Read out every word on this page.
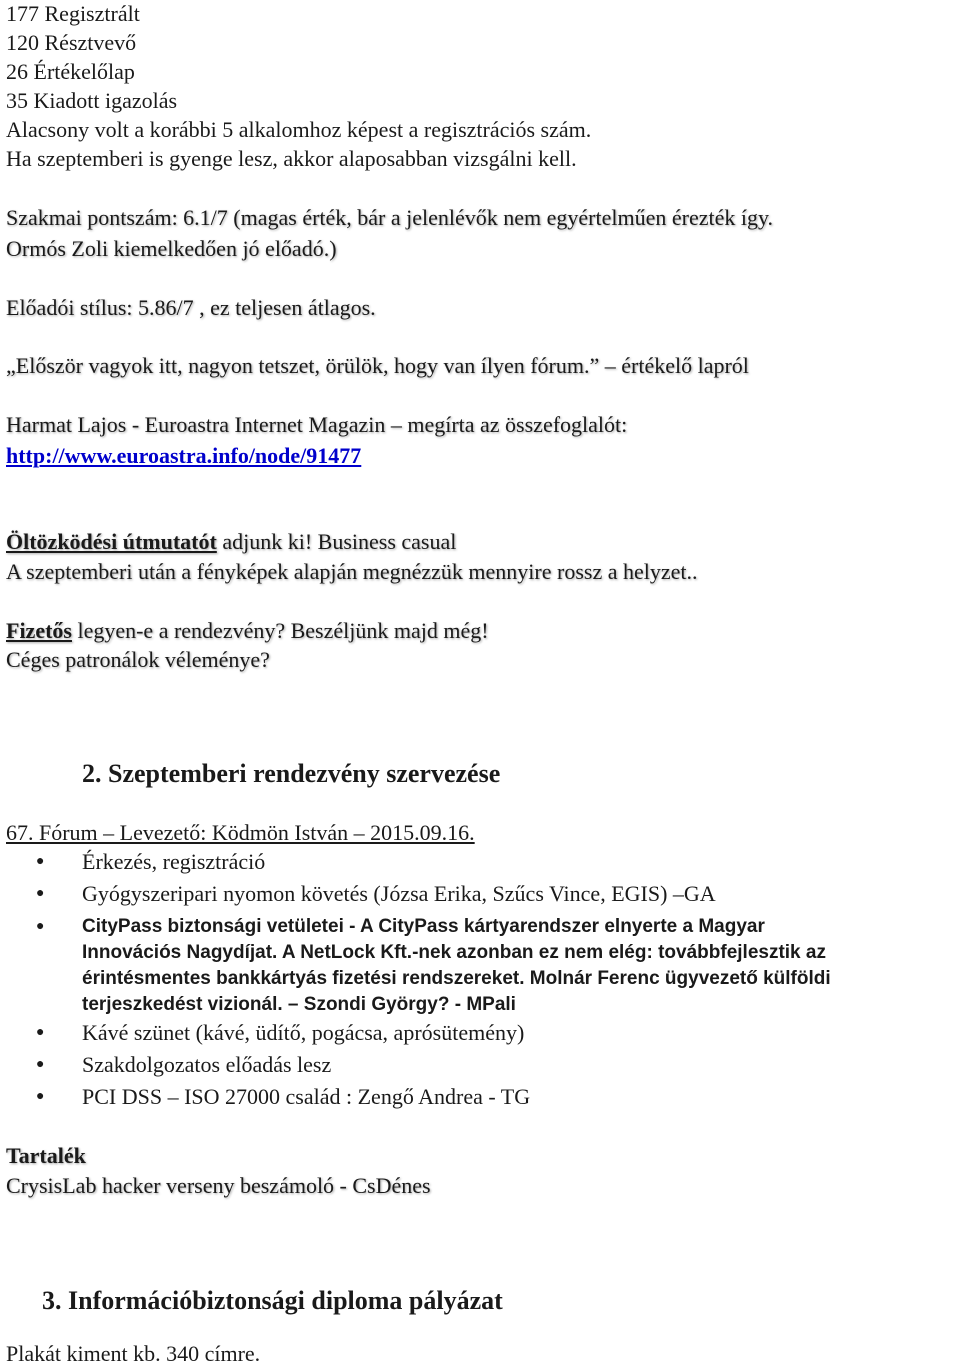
177 Regisztrált
120 Résztvevő
26 Értékelőlap
35 Kiadott igazolás
Alacsony volt a korábbi 5 alkalomhoz képest a regisztrációs szám.
Ha szeptemberi is gyenge lesz, akkor alaposabban vizsgálni kell.
Szakmai pontszám: 6.1/7 (magas érték, bár a jelenlévők nem egyértelműen érezték így.
Ormós Zoli kiemelkedően jó előadó.)
Előadói stílus: 5.86/7 , ez teljesen átlagos.
„Először vagyok itt, nagyon tetszet, örülök, hogy van ílyen fórum.” – értékelő lapról
Harmat Lajos - Euroastra Internet Magazin – megírta az összefoglalót:
http://www.euroastra.info/node/91477
Öltözködési útmutatót adjunk ki! Business casual
A szeptemberi után a fényképek alapján megnézzük mennyire rossz a helyzet..
Fizetős legyen-e a rendezvény? Beszéljünk majd még!
Céges patronálok véleménye?
2. Szeptemberi rendezvény szervezése
67. Fórum – Levezető: Ködmön István – 2015.09.16.
● Érkezés, regisztráció
● Gyógyszeripari nyomon követés (Józsa Erika, Szűcs Vince, EGIS) –GA
● CityPass biztonsági vetületei - A CityPass kártyarendszer elnyerte a Magyar
Innovációs Nagydíjat. A NetLock Kft.-nek azonban ez nem elég: továbbfejlesztik az
érintésmentes bankkártyás fizetési rendszereket. Molnár Ferenc ügyvezető külföldi
terjeszkedést vizionál. – Szondi György? - MPali
● Kávé szünet (kávé, üdítő, pogácsa, aprósütemény)
● Szakdolgozatos előadás lesz
● PCI DSS – ISO 27000 család : Zengő Andrea - TG
Tartalék
CrysisLab hacker verseny beszámoló - CsDénes
3. Információbiztonsági diploma pályázat
Plakát kiment kb. 340 címre.
